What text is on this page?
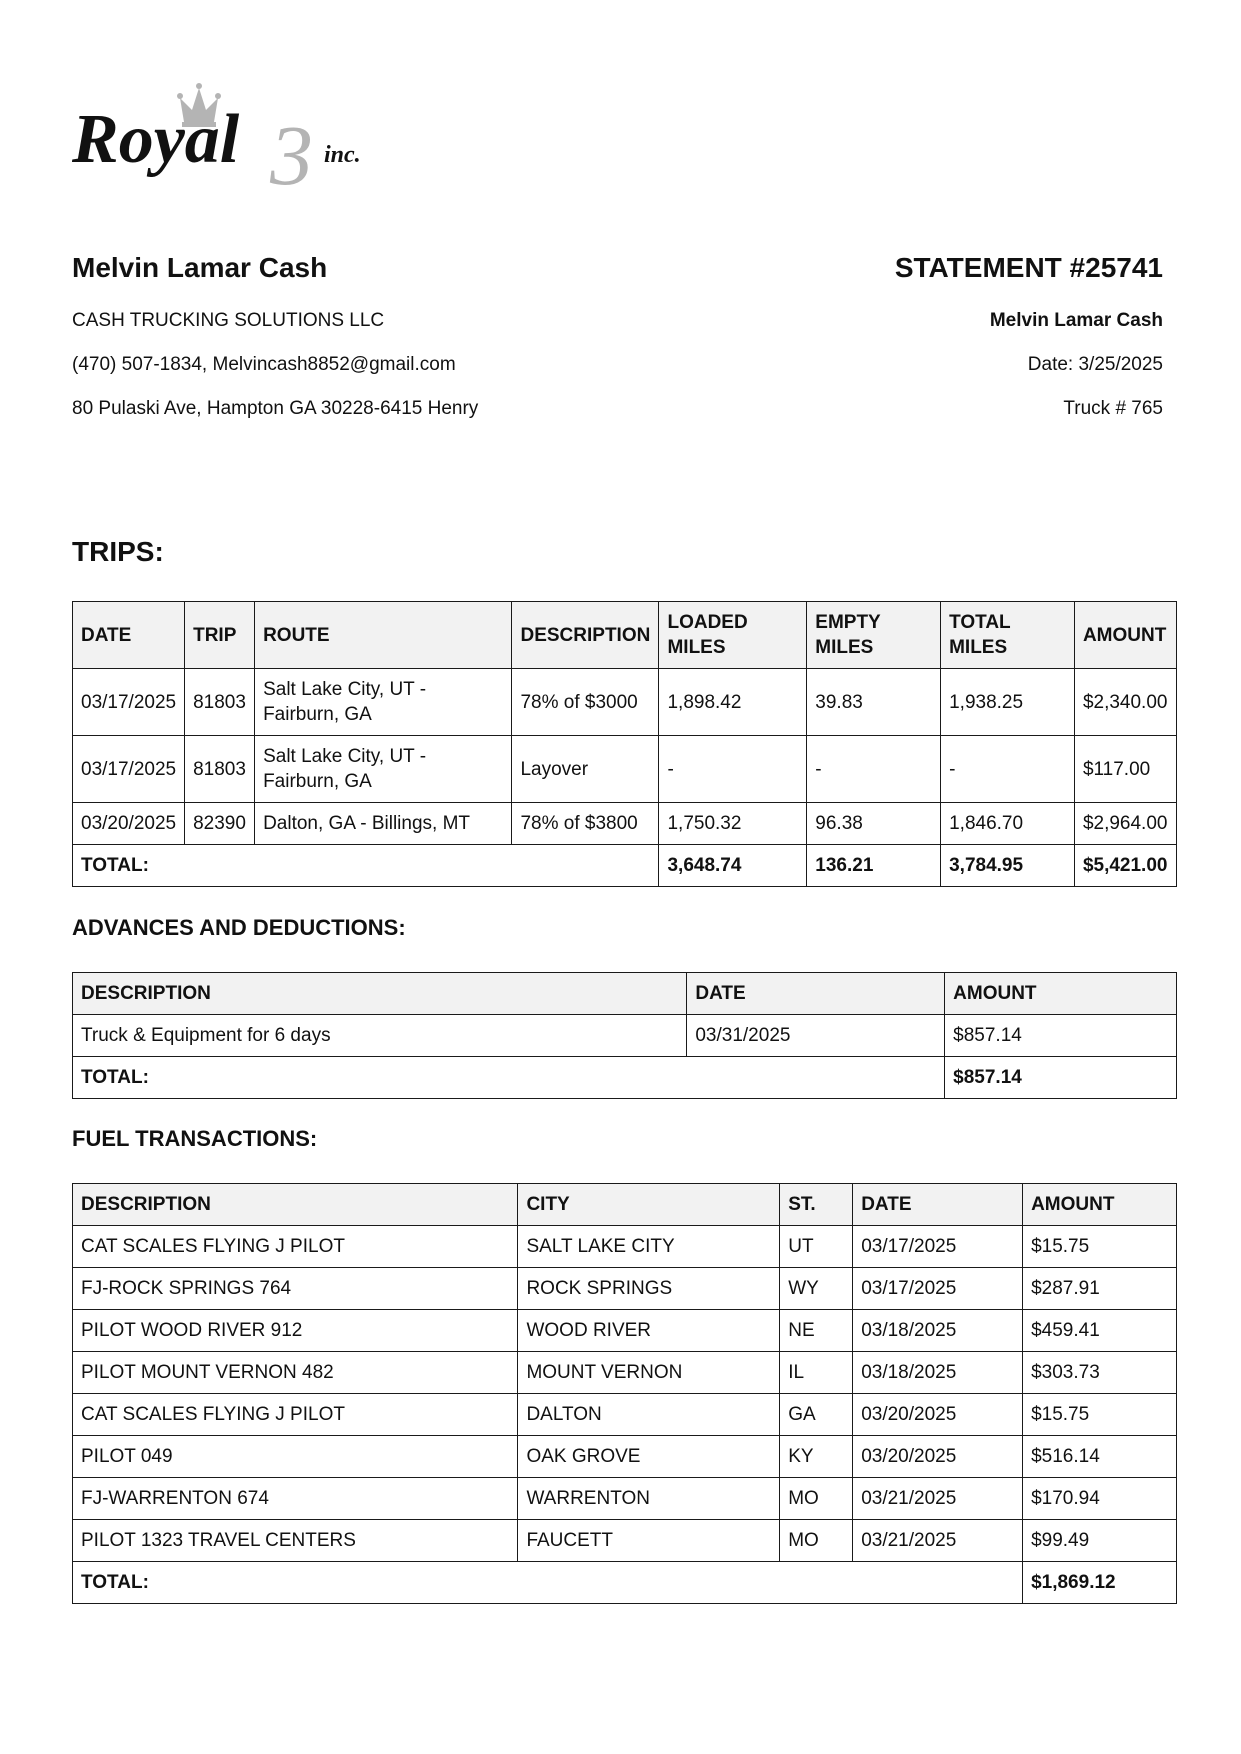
3
Royal	inc.
Melvin Lamar Cash
CASH TRUCKING SOLUTIONS LLC
(470) 507-1834, Melvincash8852@gmail.com
80 Pulaski Ave, Hampton GA 30228-6415 Henry
STATEMENT #25741
Melvin Lamar Cash
Date: 3/25/2025
Truck # 765
TRIPS:
DATE	TRIP	ROUTE	DESCRIPTION	LOADED MILES	EMPTY MILES	TOTAL MILES	AMOUNT
03/17/2025	81803	Salt Lake City, UT - Fairburn, GA	78% of $3000	1,898.42	39.83	1,938.25	$2,340.00
03/17/2025	81803	Salt Lake City, UT - Fairburn, GA	Layover	-	-	-	$117.00
03/20/2025	82390	Dalton, GA - Billings, MT	78% of $3800	1,750.32	96.38	1,846.70	$2,964.00
TOTAL:				3,648.74	136.21	3,784.95	$5,421.00
ADVANCES AND DEDUCTIONS:
DESCRIPTION	DATE	AMOUNT
Truck & Equipment for 6 days	03/31/2025	$857.14
TOTAL:		$857.14
FUEL TRANSACTIONS:
DESCRIPTION	CITY	ST.	DATE	AMOUNT
CAT SCALES FLYING J PILOT	SALT LAKE CITY	UT	03/17/2025	$15.75
FJ-ROCK SPRINGS 764	ROCK SPRINGS	WY	03/17/2025	$287.91
PILOT WOOD RIVER 912	WOOD RIVER	NE	03/18/2025	$459.41
PILOT MOUNT VERNON 482	MOUNT VERNON	IL	03/18/2025	$303.73
CAT SCALES FLYING J PILOT	DALTON	GA	03/20/2025	$15.75
PILOT 049	OAK GROVE	KY	03/20/2025	$516.14
FJ-WARRENTON 674	WARRENTON	MO	03/21/2025	$170.94
PILOT 1323 TRAVEL CENTERS	FAUCETT	MO	03/21/2025	$99.49
TOTAL:				$1,869.12
